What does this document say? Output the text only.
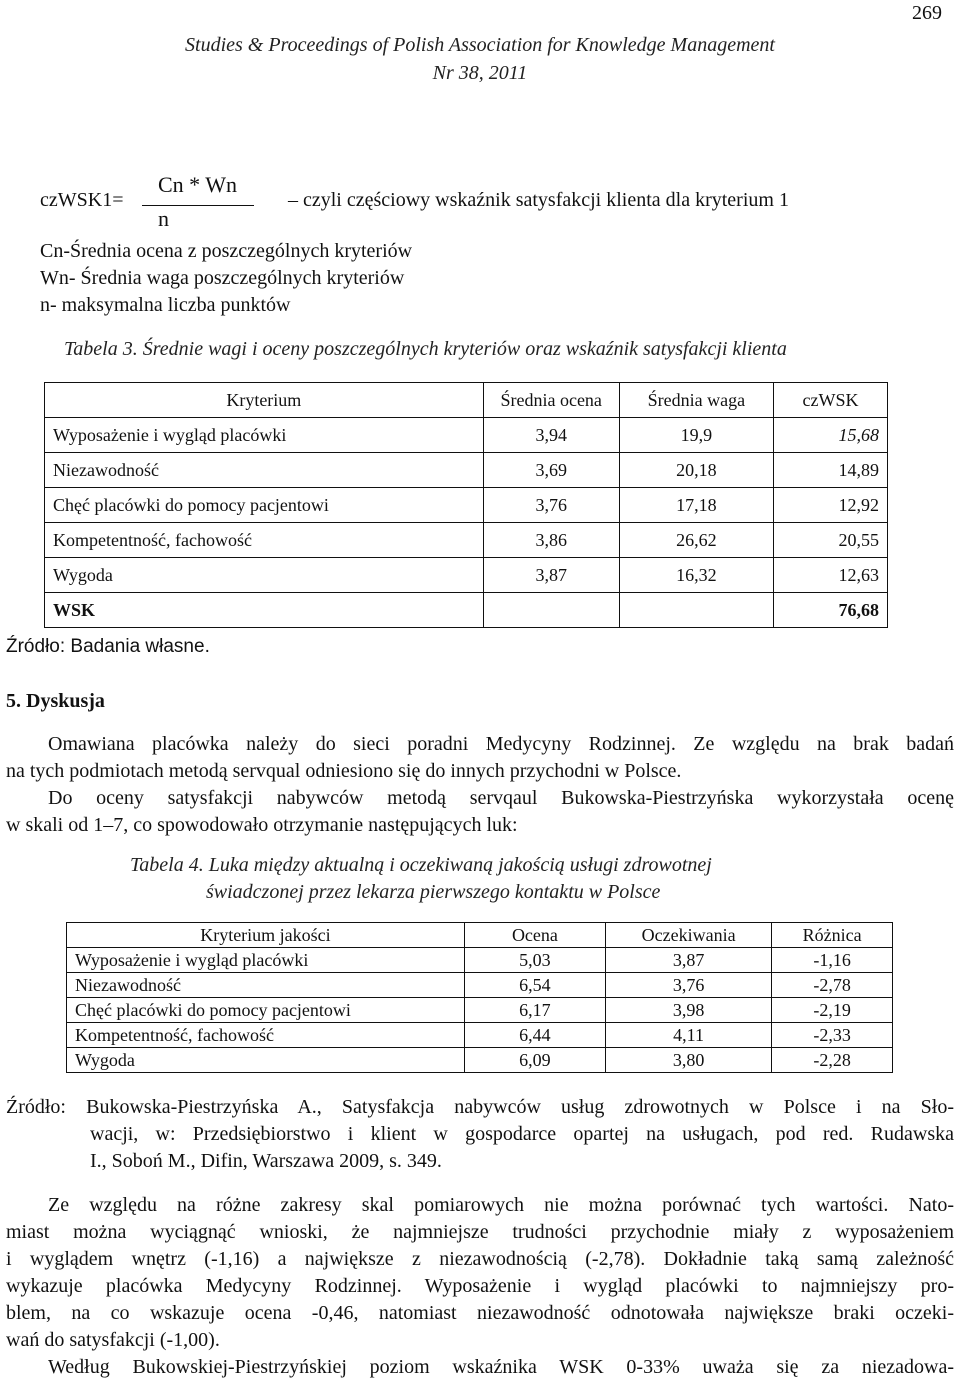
269
Studies & Proceedings of Polish Association for Knowledge Management
Nr 38, 2011
czWSK1=
Cn * Wn
n
– czyli częściowy wskaźnik satysfakcji klienta dla kryterium 1
Cn-Średnia ocena z poszczególnych kryteriów
Wn- Średnia waga poszczególnych kryteriów
n- maksymalna liczba punktów
Tabela 3. Średnie wagi i oceny poszczególnych kryteriów oraz wskaźnik satysfakcji klienta
Kryterium	Średnia ocena	Średnia waga	czWSK
Wyposażenie i wygląd placówki	3,94	19,9	15,68
Niezawodność	3,69	20,18	14,89
Chęć placówki do pomocy pacjentowi	3,76	17,18	12,92
Kompetentność, fachowość	3,86	26,62	20,55
Wygoda	3,87	16,32	12,63
WSK			76,68
Źródło: Badania własne.
5. Dyskusja
Omawiana placówka należy do sieci poradni Medycyny Rodzinnej. Ze względu na brak badań
na tych podmiotach metodą servqual odniesiono się do innych przychodni w Polsce.
Do oceny satysfakcji nabywców metodą servqaul Bukowska-Piestrzyńska wykorzystała ocenę
w skali od 1–7, co spowodowało otrzymanie następujących luk:
Tabela 4. Luka między aktualną i oczekiwaną jakością usługi zdrowotnej
świadczonej przez lekarza pierwszego kontaktu w Polsce
Kryterium jakości	Ocena	Oczekiwania	Różnica
Wyposażenie i wygląd placówki	5,03	3,87	-1,16
Niezawodność	6,54	3,76	-2,78
Chęć placówki do pomocy pacjentowi	6,17	3,98	-2,19
Kompetentność, fachowość	6,44	4,11	-2,33
Wygoda	6,09	3,80	-2,28
Źródło: Bukowska-Piestrzyńska A., Satysfakcja nabywców usług zdrowotnych w Polsce i na Sło-
wacji, w: Przedsiębiorstwo i klient w gospodarce opartej na usługach, pod red. Rudawska
I., Soboń M., Difin, Warszawa 2009, s. 349.
Ze względu na różne zakresy skal pomiarowych nie można porównać tych wartości. Nato-
miast można wyciągnąć wnioski, że najmniejsze trudności przychodnie miały z wyposażeniem
i wyglądem wnętrz (-1,16) a największe z niezawodnością (-2,78). Dokładnie taką samą zależność
wykazuje placówka Medycyny Rodzinnej. Wyposażenie i wygląd placówki to najmniejszy pro-
blem, na co wskazuje ocena -0,46, natomiast niezawodność odnotowała największe braki oczeki-
wań do satysfakcji (-1,00).
Według Bukowskiej-Piestrzyńskiej poziom wskaźnika WSK 0-33% uważa się za niezadowa-
